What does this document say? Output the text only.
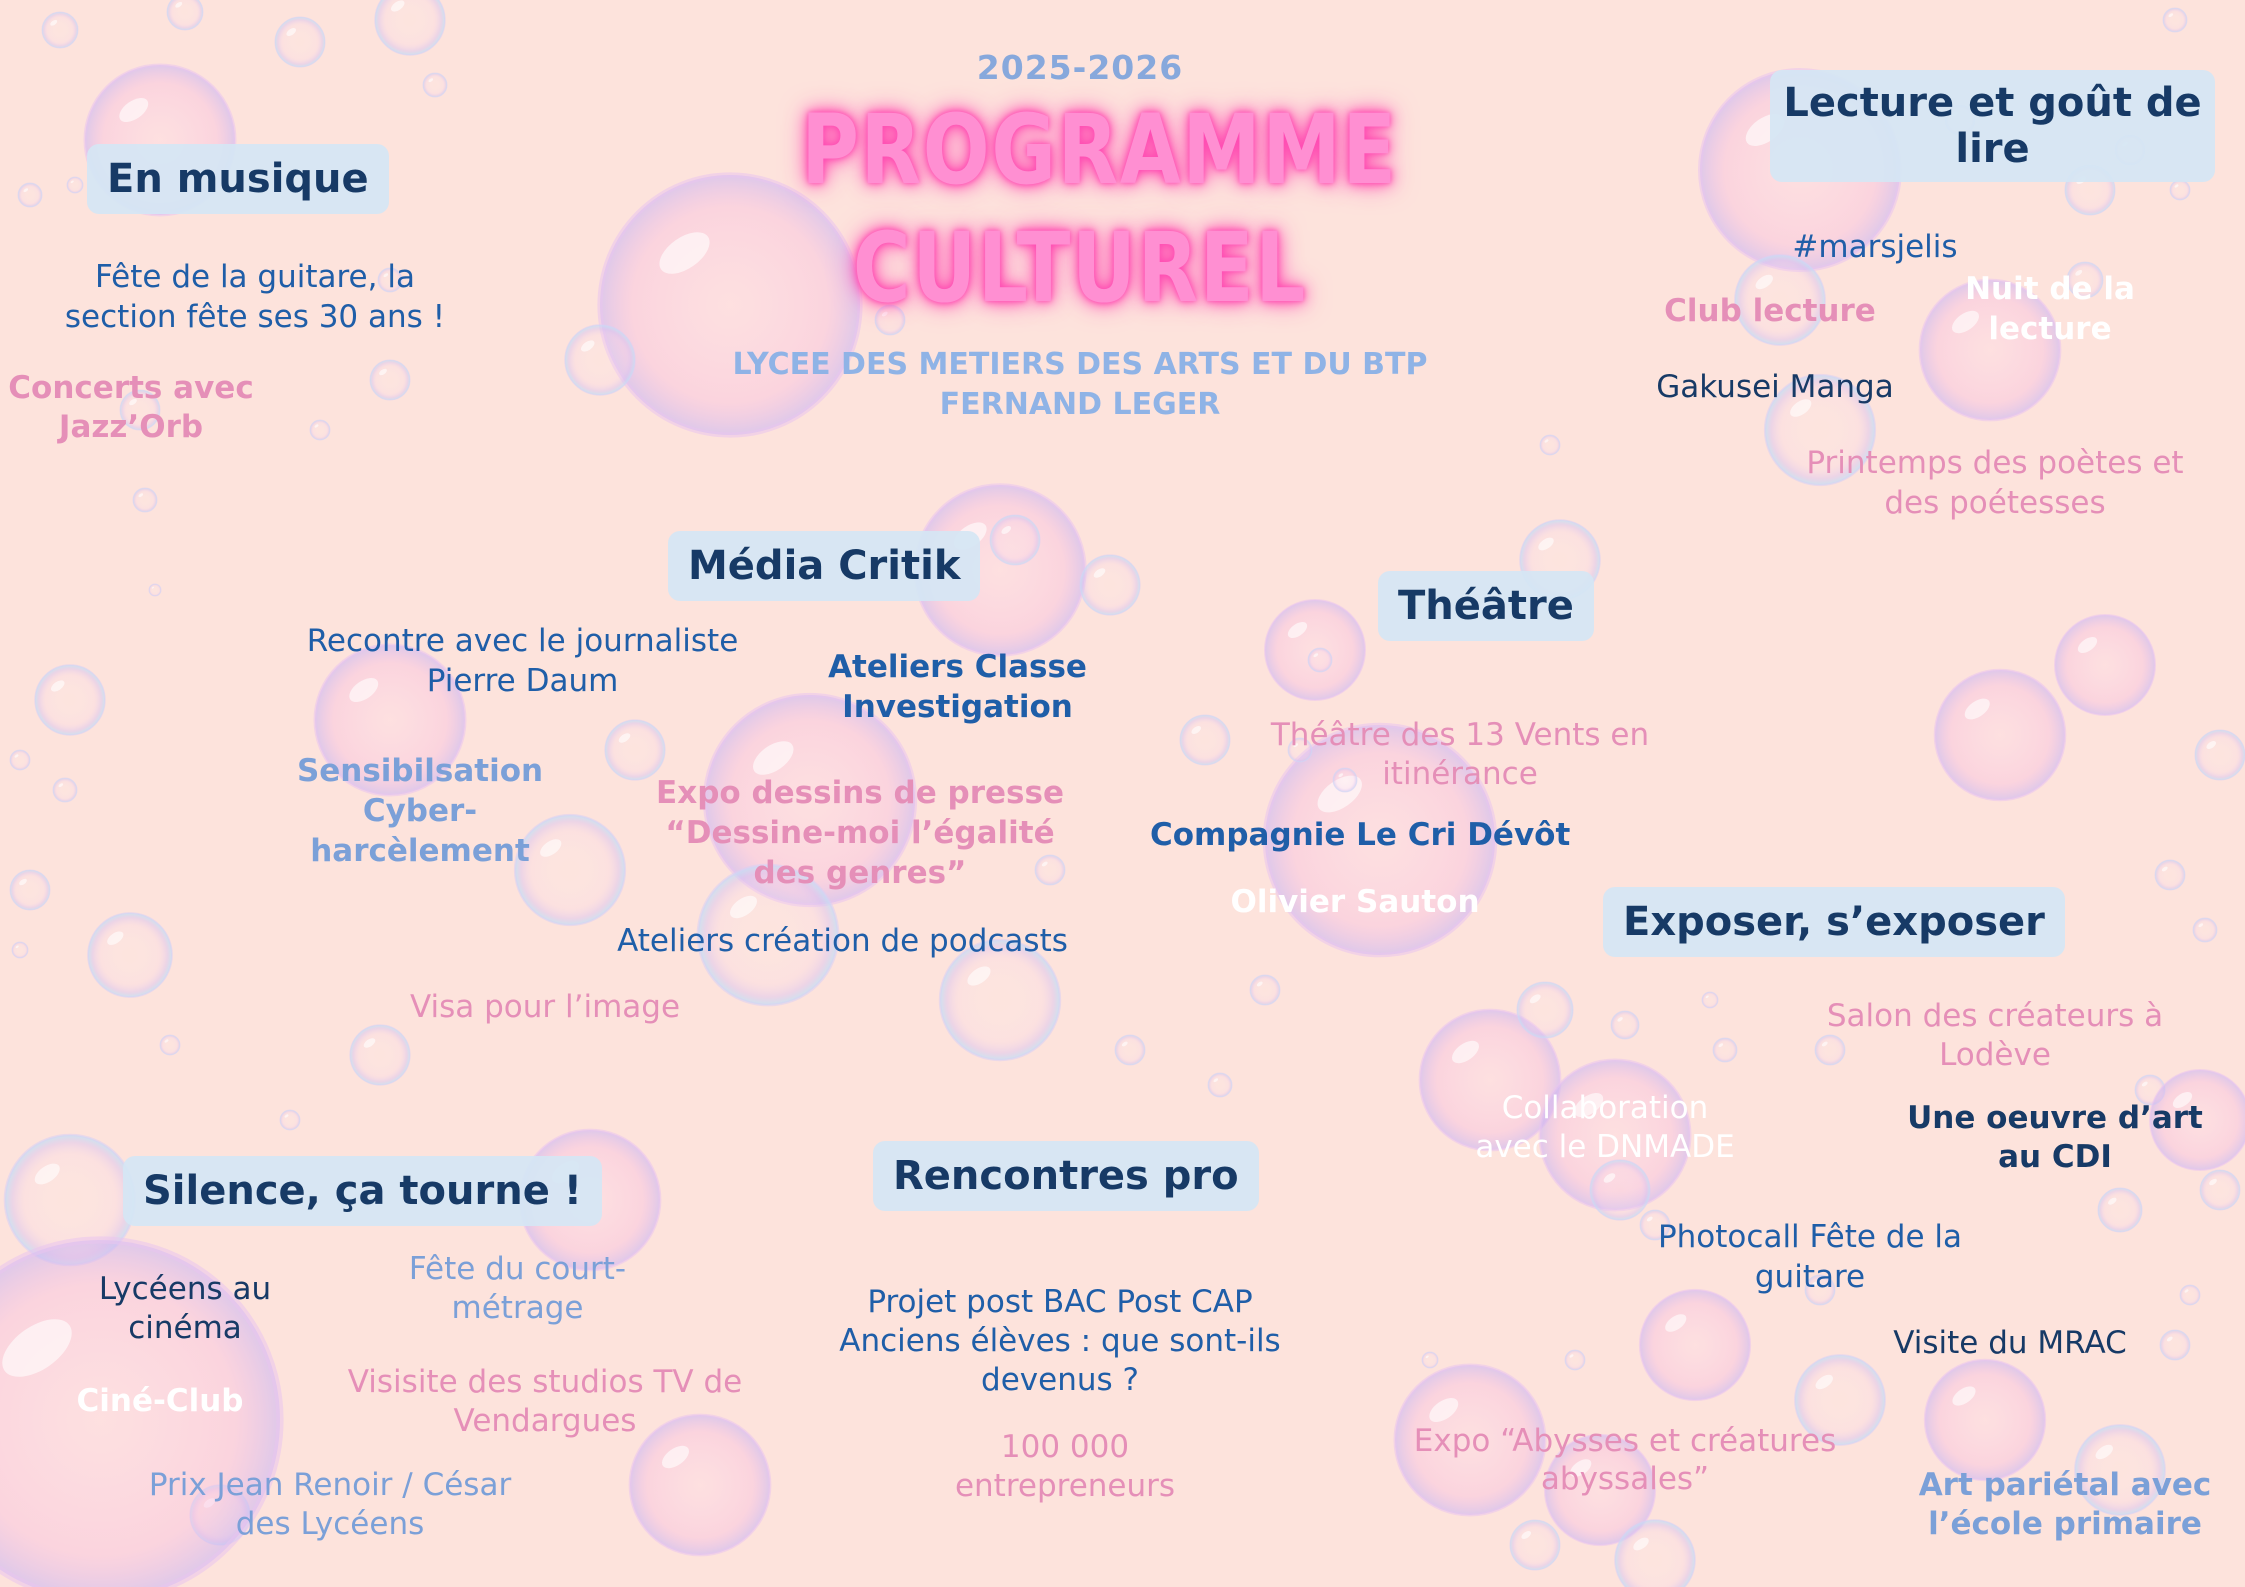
2025-2026
PROGRAMME
CULTUREL
LYCEE DES METIERS DES ARTS ET DU BTP
FERNAND LEGER
En musique
Fête de la guitare, la
section fête ses 30 ans !
Concerts avec
Jazz’Orb
Lecture et goût de
lire
#marsjelis
Club lecture
Nuit de la
lecture
Gakusei Manga
Printemps des poètes et
des poétesses
Média Critik
Recontre avec le journaliste
Pierre Daum	Ateliers Classe
Investigation
Sensibilsation
Cyber-
harcèlement
Expo dessins de presse
“Dessine-moi l’égalité
des genres”
Ateliers création de podcasts
Visa pour l’image
Théâtre
Théâtre des 13 Vents en
itinérance
Compagnie Le Cri Dévôt
Olivier Sauton	Exposer, s’exposer
Salon des créateurs à
Lodève
Une oeuvre d’art
au CDI
Collaboration
avec le DNMADE
Photocall Fête de la
guitare
Visite du MRAC
Expo “Abysses et créatures
abyssales”	Art pariétal avec
l’école primaire
Silence, ça tourne !
Lycéens au
cinéma
Fête du court-
métrage
Ciné-Club
Visisite des studios TV de
Vendargues
Prix Jean Renoir / César
des Lycéens
Rencontres pro
Projet post BAC Post CAP
Anciens élèves : que sont-ils
devenus ?
100 000
entrepreneurs
